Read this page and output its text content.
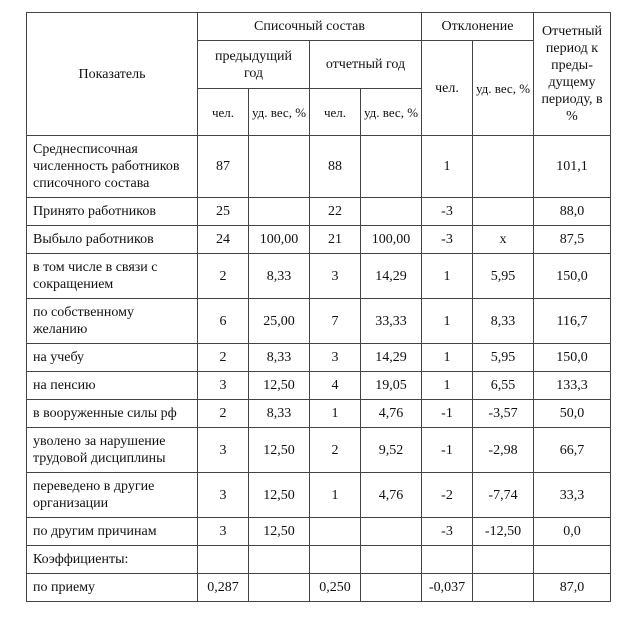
Показатель	Списочный состав				Отклонение		Отчетный период к преды-дущему периоду, в %
	предыдущий год		отчетный год		чел.	уд. вес, %	
	чел.	уд. вес, %	чел.	уд. вес, %			
Среднесписочная численность работников списочного состава	87		88		1		101,1
Принято работников	25		22		-3		88,0
Выбыло работников	24	100,00	21	100,00	-3	х	87,5
в том числе в связи с сокращением	2	8,33	3	14,29	1	5,95	150,0
по собственному желанию	6	25,00	7	33,33	1	8,33	116,7
на учебу	2	8,33	3	14,29	1	5,95	150,0
на пенсию	3	12,50	4	19,05	1	6,55	133,3
в вооруженные силы рф	2	8,33	1	4,76	-1	-3,57	50,0
уволено за нарушение трудовой дисциплины	3	12,50	2	9,52	-1	-2,98	66,7
переведено в другие организации	3	12,50	1	4,76	-2	-7,74	33,3
по другим причинам	3	12,50			-3	-12,50	0,0
Коэффициенты:							
по приему	0,287		0,250		-0,037		87,0
